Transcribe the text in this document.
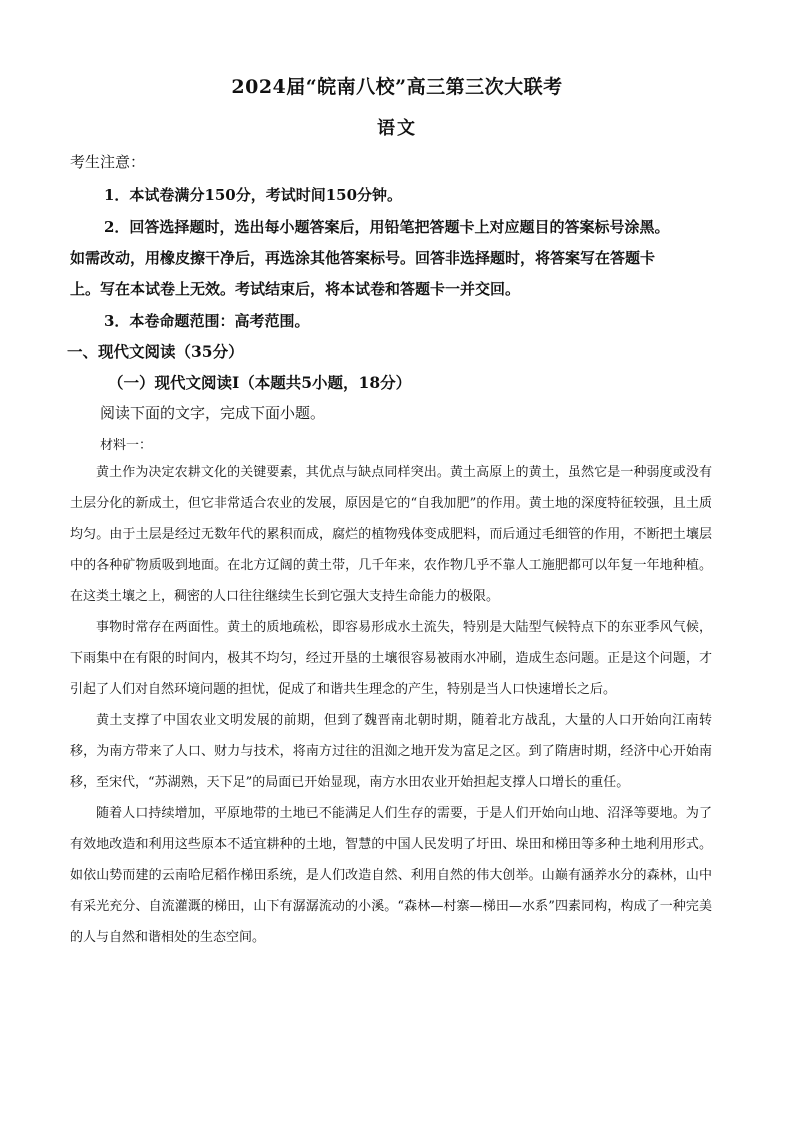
2024届“皖南八校”高三第三次大联考
语文
考生注意：
1．本试卷满分150分，考试时间150分钟。
2．回答选择题时，选出每小题答案后，用铅笔把答题卡上对应题目的答案标号涂黑。
如需改动，用橡皮擦干净后，再选涂其他答案标号。回答非选择题时，将答案写在答题卡
上。写在本试卷上无效。考试结束后，将本试卷和答题卡一并交回。
3．本卷命题范围：高考范围。
一、现代文阅读（35分）
（一）现代文阅读Ⅰ（本题共5小题，18分）
阅读下面的文字，完成下面小题。
材料一：

黄土作为决定农耕文化的关键要素，其优点与缺点同样突出。黄土高原上的黄土，虽然它是一种弱度或没有土层分化的新成土，但它非常适合农业的发展，原因是它的“自我加肥”的作用。黄土地的深度特征较强，且土质均匀。由于土层是经过无数年代的累积而成，腐烂的植物残体变成肥料，而后通过毛细管的作用，不断把土壤层中的各种矿物质吸到地面。在北方辽阔的黄土带，几千年来，农作物几乎不靠人工施肥都可以年复一年地种植。在这类土壤之上，稠密的人口往往继续生长到它强大支持生命能力的极限。

事物时常存在两面性。黄土的质地疏松，即容易形成水土流失，特别是大陆型气候特点下的东亚季风气候，下雨集中在有限的时间内，极其不均匀，经过开垦的土壤很容易被雨水冲刷，造成生态问题。正是这个问题，才引起了人们对自然环境问题的担忧，促成了和谐共生理念的产生，特别是当人口快速增长之后。

黄土支撑了中国农业文明发展的前期，但到了魏晋南北朝时期，随着北方战乱，大量的人口开始向江南转移，为南方带来了人口、财力与技术，将南方过往的沮洳之地开发为富足之区。到了隋唐时期，经济中心开始南移，至宋代，“苏湖熟，天下足”的局面已开始显现，南方水田农业开始担起支撑人口增长的重任。

随着人口持续增加，平原地带的土地已不能满足人们生存的需要，于是人们开始向山地、沼泽等要地。为了有效地改造和利用这些原本不适宜耕种的土地，智慧的中国人民发明了圩田、垛田和梯田等多种土地利用形式。如依山势而建的云南哈尼稻作梯田系统，是人们改造自然、利用自然的伟大创举。山巅有涵养水分的森林，山中有采光充分、自流灌溉的梯田，山下有潺潺流动的小溪。“森林—村寨—梯田—水系”四素同构，构成了一种完美的人与自然和谐相处的生态空间。
